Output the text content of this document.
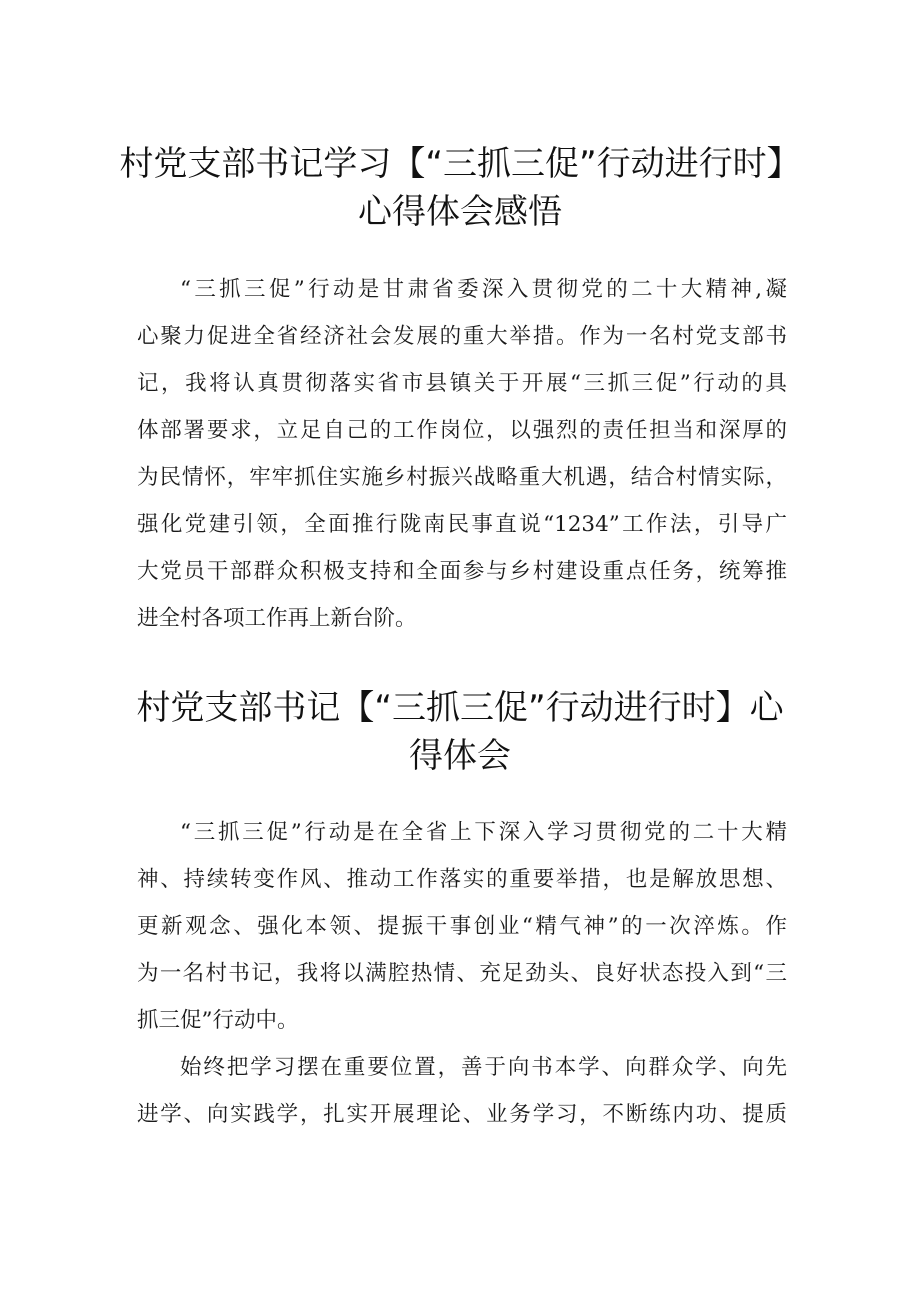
村党支部书记学习【“三抓三促”行动进行时】
心得体会感悟
“三抓三促”行动是甘肃省委深入贯彻党的二十大精神,凝
心聚力促进全省经济社会发展的重大举措。作为一名村党支部书
记，我将认真贯彻落实省市县镇关于开展“三抓三促”行动的具
体部署要求，立足自己的工作岗位，以强烈的责任担当和深厚的
为民情怀，牢牢抓住实施乡村振兴战略重大机遇，结合村情实际，
强化党建引领，全面推行陇南民事直说“1234”工作法，引导广
大党员干部群众积极支持和全面参与乡村建设重点任务，统筹推
进全村各项工作再上新台阶。
村党支部书记【“三抓三促”行动进行时】心
得体会
“三抓三促”行动是在全省上下深入学习贯彻党的二十大精
神、持续转变作风、推动工作落实的重要举措，也是解放思想、
更新观念、强化本领、提振干事创业“精气神”的一次淬炼。作
为一名村书记，我将以满腔热情、充足劲头、良好状态投入到“三
抓三促”行动中。
始终把学习摆在重要位置，善于向书本学、向群众学、向先
进学、向实践学，扎实开展理论、业务学习，不断练内功、提质
